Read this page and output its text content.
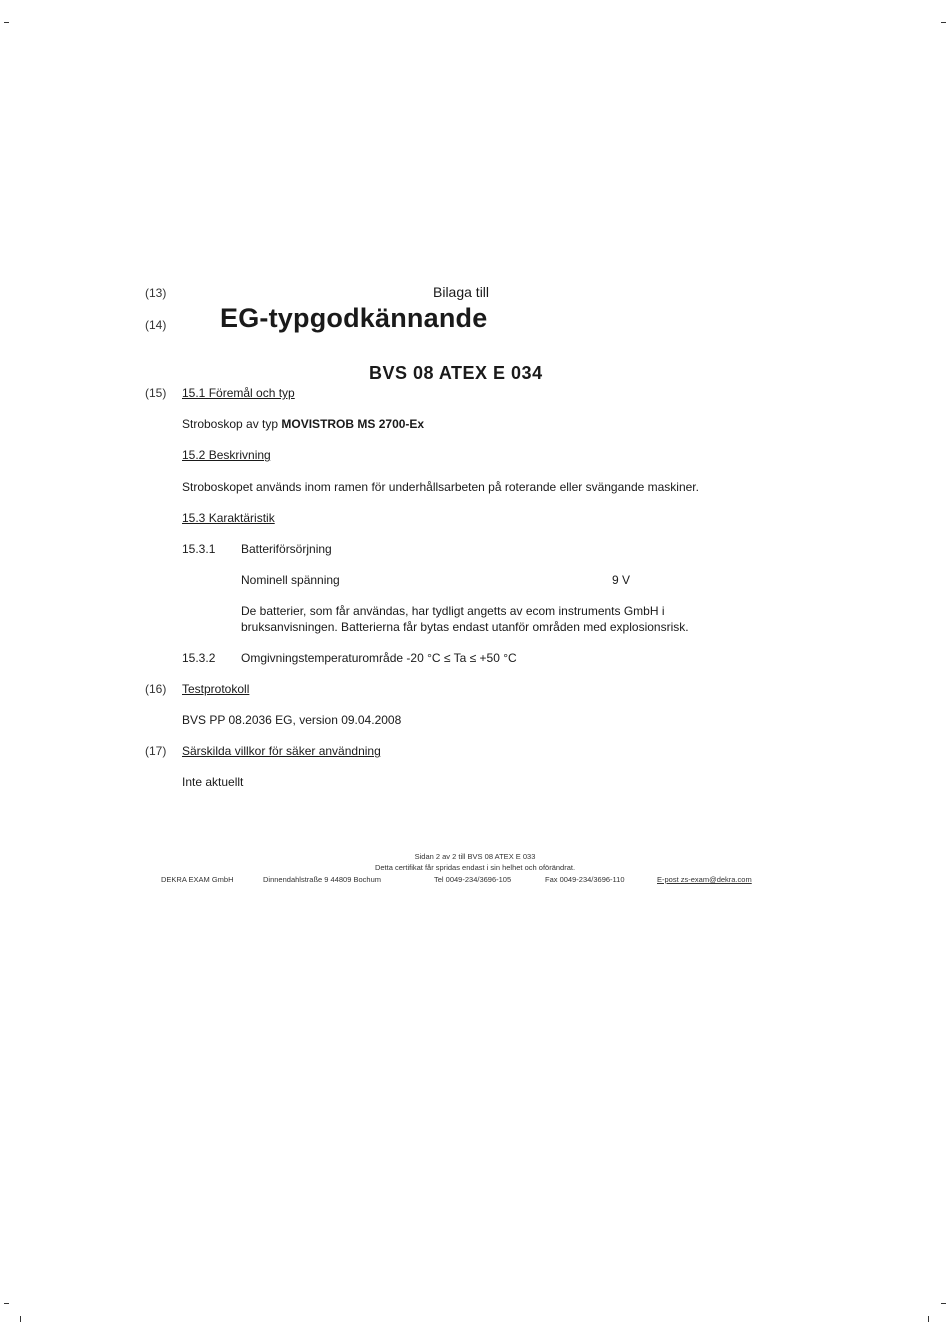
(13)	Bilaga till
(14) EG-typgodkännande
BVS 08 ATEX E 034
(15) 15.1 Föremål och typ
Stroboskop av typ MOVISTROB MS 2700-Ex
15.2 Beskrivning
Stroboskopet används inom ramen för underhållsarbeten på roterande eller svängande maskiner.
15.3 Karaktäristik
15.3.1 Batteriförsörjning
Nominell spänning	9 V
De batterier, som får användas, har tydligt angetts av ecom instruments GmbH i
bruksanvisningen. Batterierna får bytas endast utanför områden med explosionsrisk.
15.3.2 Omgivningstemperaturområde -20 °C ≤ Ta ≤ +50 °C
(16) Testprotokoll
BVS PP 08.2036 EG, version 09.04.2008
(17) Särskilda villkor för säker användning
Inte aktuellt
Sidan 2 av 2 till BVS 08 ATEX E 033
Detta certifikat får spridas endast i sin helhet och oförändrat.
DEKRA EXAM GmbH	Dinnendahlstraße 9 44809 Bochum	Tel 0049-234/3696-105	Fax 0049-234/3696-110	E-post zs-exam@dekra.com
